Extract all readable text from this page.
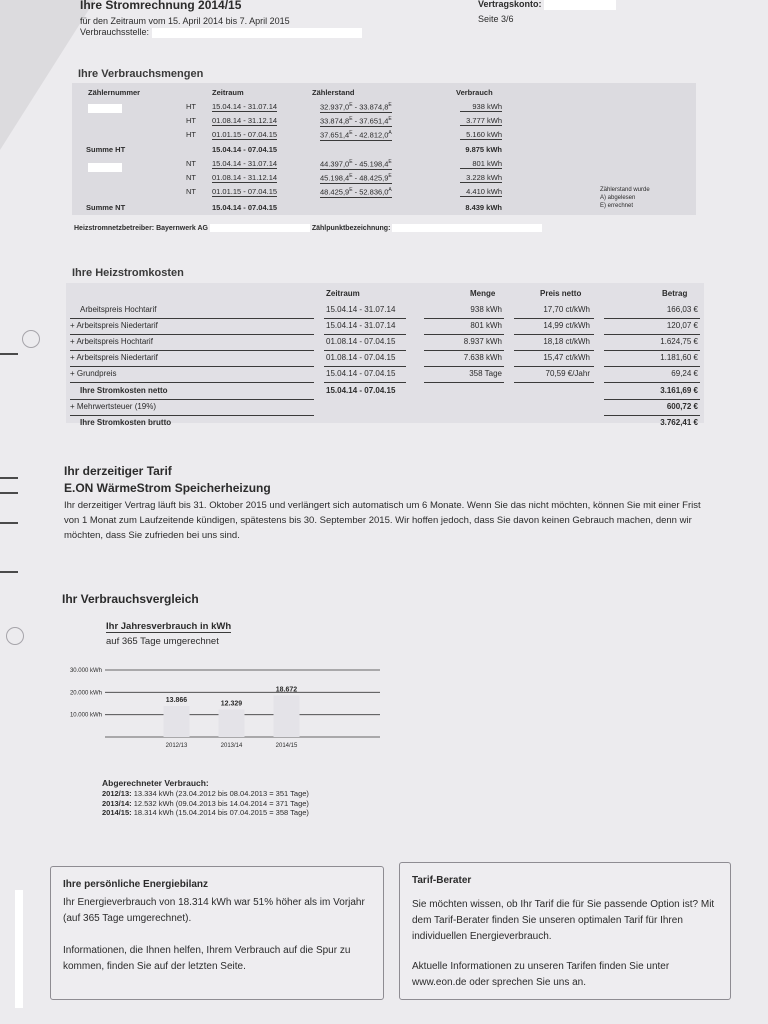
Ihre Stromrechnung 2014/15
für den Zeitraum vom 15. April 2014 bis 7. April 2015
Verbrauchsstelle:
Vertragskonto:
Seite 3/6
Ihre Verbrauchsmengen
Zählernummer	Zeitraum	Zählerstand	Verbrauch
HT 15.04.14 - 31.07.14	$32.937,0^E - 33.874,8^E$	938 kWh
HT 01.08.14 - 31.12.14	$33.874,8^E - 37.651,4^E$	3.777 kWh
HT 01.01.15 - 07.04.15	$37.651,4^E - 42.812,0^A$	5.160 kWh
Summe HT	15.04.14 - 07.04.15	9.875 kWh
NT 15.04.14 - 31.07.14	$44.397,0^E - 45.198,4^E$	801 kWh
NT 01.08.14 - 31.12.14	$45.198,4^E - 48.425,9^E$	3.228 kWh
NT 01.01.15 - 07.04.15	$48.425,9^E - 52.836,0^A$	4.410 kWh
Summe NT	15.04.14 - 07.04.15	8.439 kWh
Zählerstand wurde
A) abgelesen
E) errechnet
Heizstromnetzbetreiber: Bayernwerk AG	Zählpunktbezeichnung:
Ihre Heizstromkosten
Zeitraum	Menge	Preis netto	Betrag
Arbeitspreis Hochtarif	15.04.14 - 31.07.14	938 kWh	17,70 ct/kWh	166,03 €
+ Arbeitspreis Niedertarif	15.04.14 - 31.07.14	801 kWh	14,99 ct/kWh	120,07 €
+ Arbeitspreis Hochtarif	01.08.14 - 07.04.15	8.937 kWh	18,18 ct/kWh	1.624,75 €
+ Arbeitspreis Niedertarif	01.08.14 - 07.04.15	7.638 kWh	15,47 ct/kWh	1.181,60 €
+ Grundpreis	15.04.14 - 07.04.15	358 Tage	70,59 €/Jahr	69,24 €
Ihre Stromkosten netto	15.04.14 - 07.04.15	3.161,69 €
+ Mehrwertsteuer (19%)	600,72 €
Ihre Stromkosten brutto	3.762,41 €
Ihr derzeitiger Tarif
E.ON WärmeStrom Speicherheizung
Ihr derzeitiger Vertrag läuft bis 31. Oktober 2015 und verlängert sich automatisch um 6 Monate. Wenn Sie das nicht möchten, können Sie mit einer Frist von 1 Monat zum Laufzeitende kündigen, spätestens bis 30. September 2015. Wir hoffen jedoch, dass Sie davon keinen Gebrauch machen, denn wir möchten, dass Sie zufrieden bei uns sind.
Ihr Verbrauchsvergleich
Ihr Jahresverbrauch in kWh
auf 365 Tage umgerechnet
10.000 kWh
20.000 kWh
30.000 kWh
13.866
2012/13
12.329
2013/14
18.672
2014/15
Abgerechneter Verbrauch:
2012/13: 13.334 kWh (23.04.2012 bis 08.04.2013 = 351 Tage)
2013/14: 12.532 kWh (09.04.2013 bis 14.04.2014 = 371 Tage)
2014/15: 18.314 kWh (15.04.2014 bis 07.04.2015 = 358 Tage)
Ihre persönliche Energiebilanz
Ihr Energieverbrauch von 18.314 kWh war 51% höher als im Vorjahr (auf 365 Tage umgerechnet).
Informationen, die Ihnen helfen, Ihrem Verbrauch auf die Spur zu kommen, finden Sie auf der letzten Seite.
Tarif-Berater
Sie möchten wissen, ob Ihr Tarif die für Sie passende Option ist? Mit dem Tarif-Berater finden Sie unseren optimalen Tarif für Ihren individuellen Energieverbrauch.
Aktuelle Informationen zu unseren Tarifen finden Sie unter www.eon.de oder sprechen Sie uns an.
